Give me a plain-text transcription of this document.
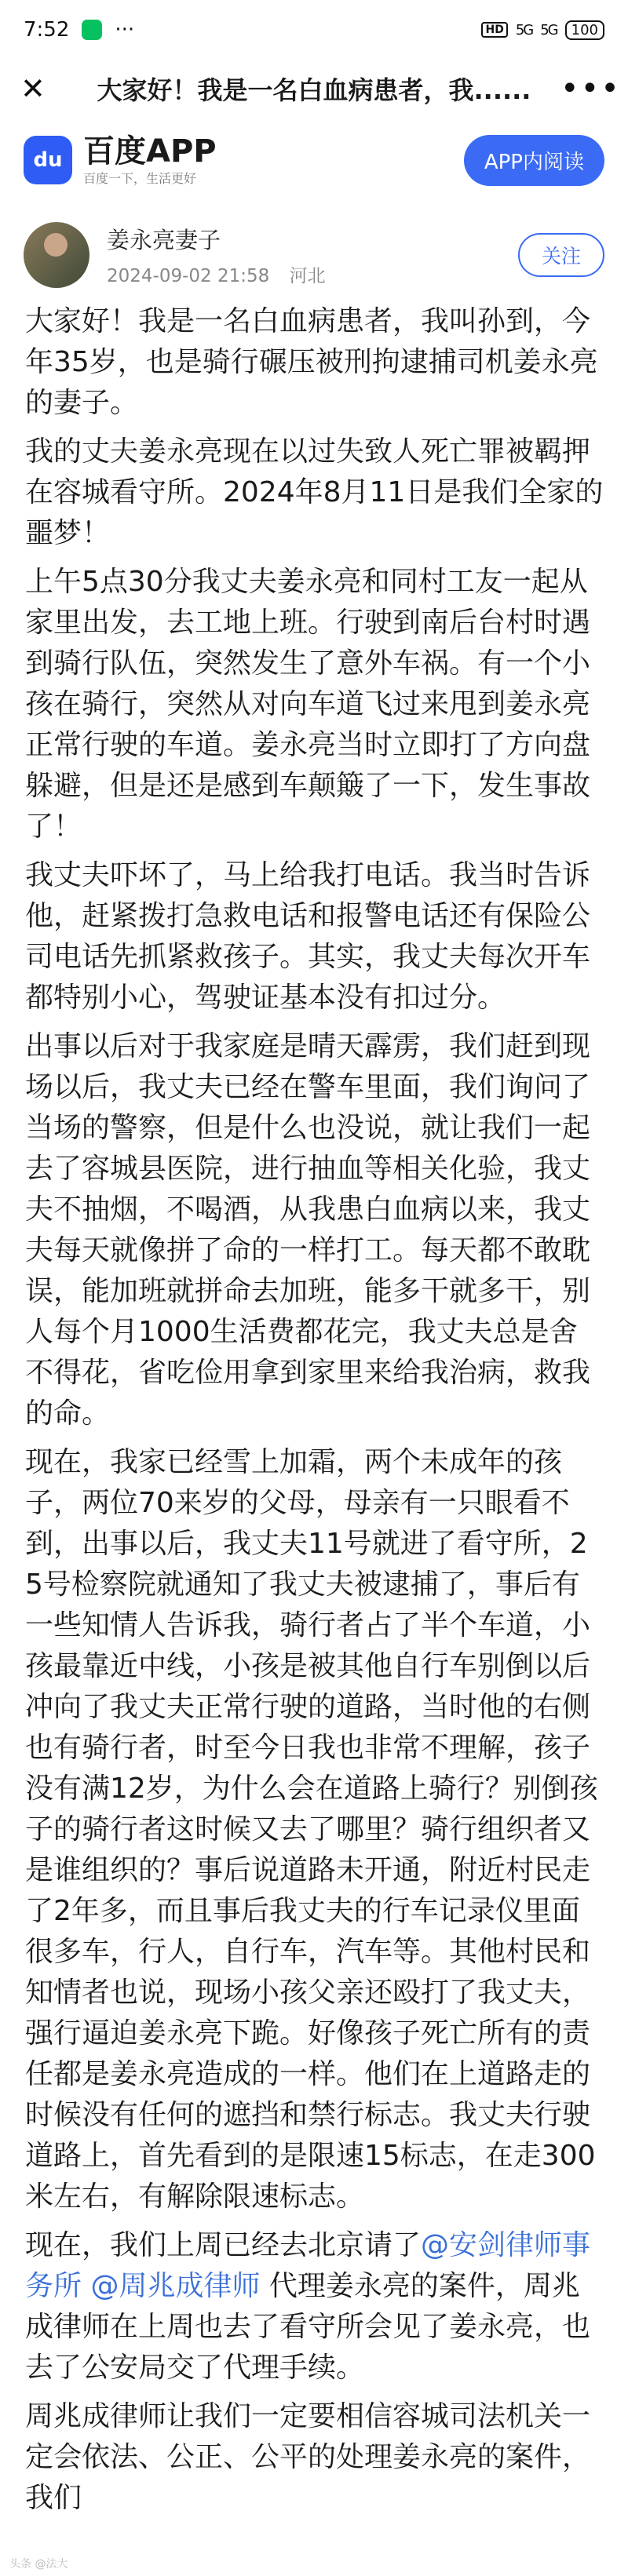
7:52 ···	HD 5G 5G	100
✕	大家好！我是一名白血病患者，我...... •••
du 百度APP
百度一下，生活更好
APP内阅读
姜永亮妻子
2024-09-02 21:58 河北
关注

大家好！我是一名白血病患者，我叫孙到，今年35岁，也是骑行碾压被刑拘逮捕司机姜永亮的妻子。

我的丈夫姜永亮现在以过失致人死亡罪被羁押在容城看守所。2024年8月11日是我们全家的噩梦！

上午5点30分我丈夫姜永亮和同村工友一起从家里出发，去工地上班。行驶到南后台村时遇到骑行队伍，突然发生了意外车祸。有一个小孩在骑行，突然从对向车道飞过来甩到姜永亮正常行驶的车道。姜永亮当时立即打了方向盘躲避，但是还是感到车颠簸了一下，发生事故了！

我丈夫吓坏了，马上给我打电话。我当时告诉他，赶紧拨打急救电话和报警电话还有保险公司电话先抓紧救孩子。其实，我丈夫每次开车都特别小心，驾驶证基本没有扣过分。

出事以后对于我家庭是晴天霹雳，我们赶到现场以后，我丈夫已经在警车里面，我们询问了当场的警察，但是什么也没说，就让我们一起去了容城县医院，进行抽血等相关化验，我丈夫不抽烟，不喝酒，从我患白血病以来，我丈夫每天就像拼了命的一样打工。每天都不敢耽误，能加班就拼命去加班，能多干就多干，别人每个月1000生活费都花完，我丈夫总是舍不得花，省吃俭用拿到家里来给我治病，救我的命。

现在，我家已经雪上加霜，两个未成年的孩子，两位70来岁的父母，母亲有一只眼看不到，出事以后，我丈夫11号就进了看守所，25号检察院就通知了我丈夫被逮捕了，事后有一些知情人告诉我，骑行者占了半个车道，小孩最靠近中线，小孩是被其他自行车别倒以后冲向了我丈夫正常行驶的道路，当时他的右侧也有骑行者，时至今日我也非常不理解，孩子没有满12岁，为什么会在道路上骑行？别倒孩子的骑行者这时候又去了哪里？骑行组织者又是谁组织的？事后说道路未开通，附近村民走了2年多，而且事后我丈夫的行车记录仪里面很多车，行人，自行车，汽车等。其他村民和知情者也说，现场小孩父亲还殴打了我丈夫，强行逼迫姜永亮下跪。好像孩子死亡所有的责任都是姜永亮造成的一样。他们在上道路走的时候没有任何的遮挡和禁行标志。我丈夫行驶道路上，首先看到的是限速15标志，在走300米左右，有解除限速标志。

现在，我们上周已经去北京请了@安剑律师事务所 @周兆成律师 代理姜永亮的案件，周兆成律师在上周也去了看守所会见了姜永亮，也去了公安局交了代理手续。

周兆成律师让我们一定要相信容城司法机关一定会依法、公正、公平的处理姜永亮的案件，我们

头条 @法大
